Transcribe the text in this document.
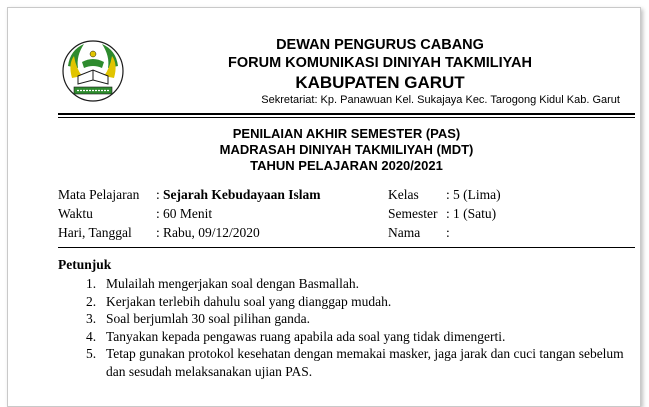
DEWAN PENGURUS CABANG
FORUM KOMUNIKASI DINIYAH TAKMILIYAH
KABUPATEN GARUT
Sekretariat: Kp. Panawuan Kel. Sukajaya Kec. Tarogong Kidul Kab. Garut
PENILAIAN AKHIR SEMESTER (PAS)
MADRASAH DINIYAH TAKMILIYAH (MDT)
TAHUN PELAJARAN 2020/2021
Mata Pelajaran : Sejarah Kebudayaan Islam
Waktu	: 60 Menit
Hari, Tanggal : Rabu, 09/12/2020
Kelas : 5 (Lima)
Semester : 1 (Satu)
Nama :
Petunjuk
1. Mulailah mengerjakan soal dengan Basmallah.
2. Kerjakan terlebih dahulu soal yang dianggap mudah.
3. Soal berjumlah 30 soal pilihan ganda.
4. Tanyakan kepada pengawas ruang apabila ada soal yang tidak dimengerti.
5. Tetap gunakan protokol kesehatan dengan memakai masker, jaga jarak dan cuci tangan sebelum dan sesudah melaksanakan ujian PAS.
